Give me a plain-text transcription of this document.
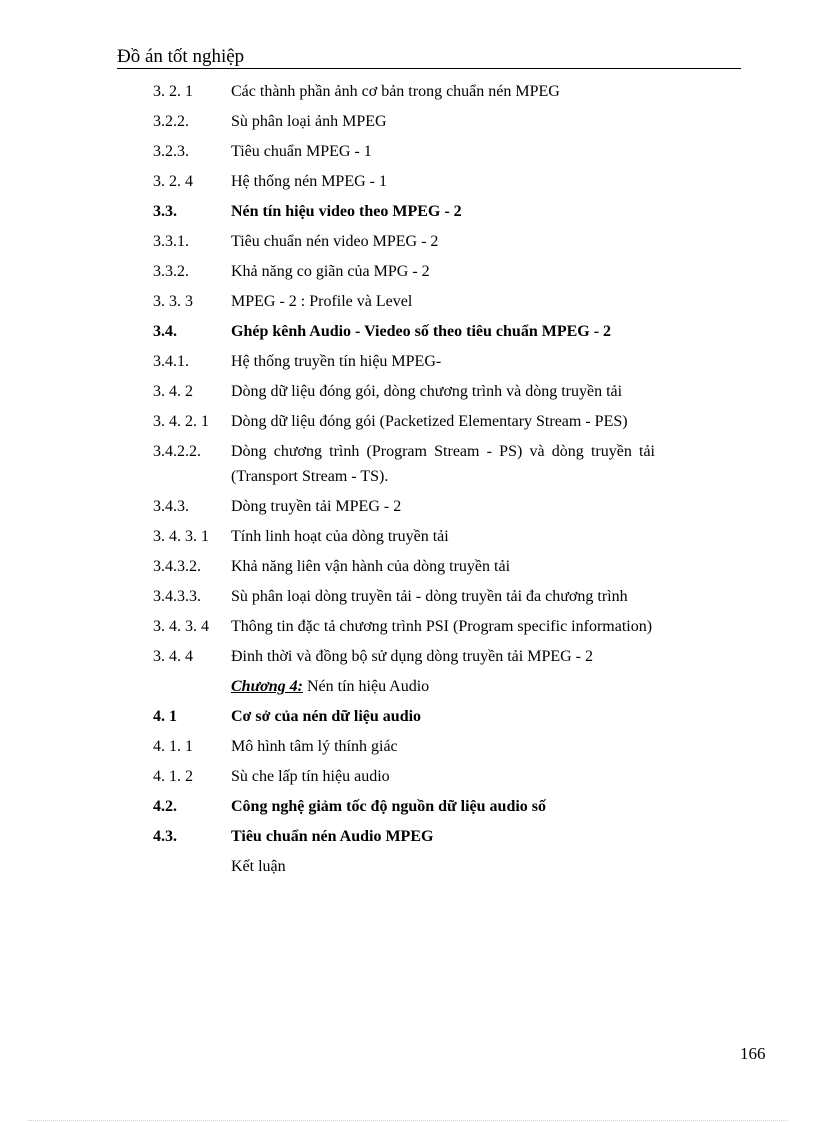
Đồ án tốt nghiệp
3. 2. 1	Các thành phần ảnh cơ bản trong chuẩn nén MPEG
3.2.2.	Sù phân loại ảnh MPEG
3.2.3.	Tiêu chuẩn MPEG - 1
3. 2. 4	Hệ thống nén MPEG - 1
3.3.	Nén tín hiệu video theo MPEG - 2
3.3.1.	Tiêu chuẩn nén video MPEG - 2
3.3.2.	Khả năng co giãn của MPG - 2
3. 3. 3	MPEG - 2 : Profile và Level
3.4.	Ghép kênh Audio - Viedeo số theo tiêu chuẩn MPEG - 2
3.4.1.	Hệ thống truyền tín hiệu MPEG-
3. 4. 2	Dòng dữ liệu đóng gói, dòng chương trình và dòng truyền tải
3. 4. 2. 1	Dòng dữ liệu đóng gói (Packetized Elementary Stream - PES)
3.4.2.2.	Dòng chương trình (Program Stream - PS) và dòng truyền tải (Transport Stream - TS).
3.4.3.	Dòng truyền tải MPEG - 2
3. 4. 3. 1	Tính linh hoạt của dòng truyền tải
3.4.3.2.	Khả năng liên vận hành của dòng truyền tải
3.4.3.3.	Sù phân loại dòng truyền tải - dòng truyền tải đa chương trình
3. 4. 3. 4	Thông tin đặc tả chương trình PSI (Program specific information)
3. 4. 4	Đinh thời và đồng bộ sử dụng dòng truyền tải MPEG - 2
Chương 4: Nén tín hiệu Audio
4. 1	Cơ sở của nén dữ liệu audio
4. 1. 1	Mô hình tâm lý thính giác
4. 1. 2	Sù che lấp tín hiệu audio
4.2.	Công nghệ giảm tốc độ nguồn dữ liệu audio số
4.3.	Tiêu chuẩn nén Audio MPEG
Kết luận
166
